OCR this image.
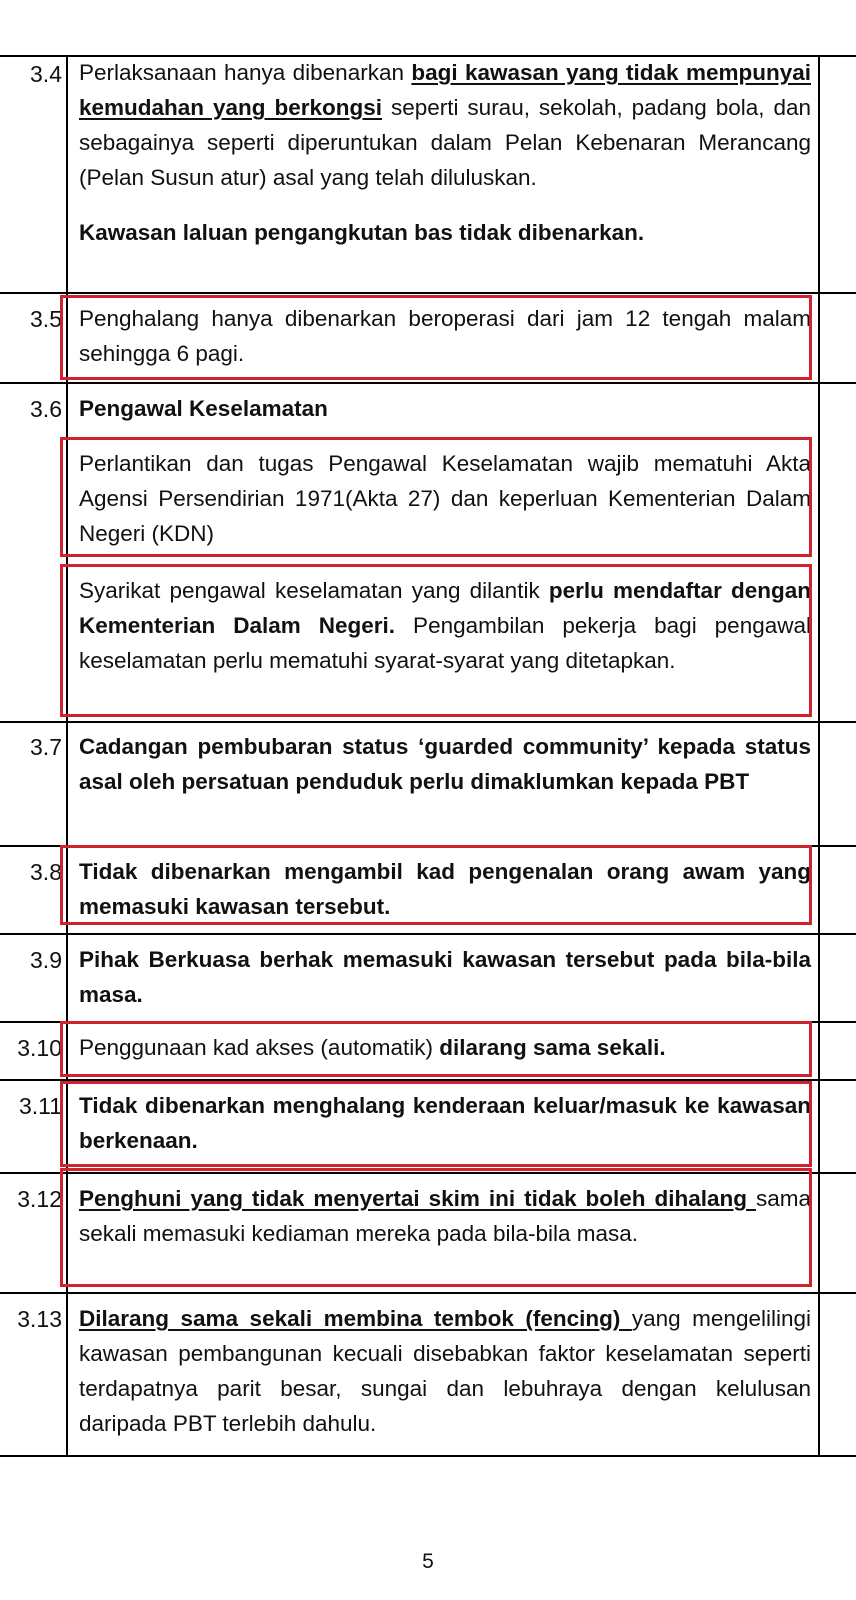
3.4 Perlaksanaan hanya dibenarkan bagi kawasan yang tidak mempunyai kemudahan yang berkongsi seperti surau, sekolah, padang bola, dan sebagainya seperti diperuntukan dalam Pelan Kebenaran Merancang (Pelan Susun atur) asal yang telah diluluskan.
Kawasan laluan pengangkutan bas tidak dibenarkan.
3.5 Penghalang hanya dibenarkan beroperasi dari jam 12 tengah malam sehingga 6 pagi.
3.6 Pengawal Keselamatan
Perlantikan dan tugas Pengawal Keselamatan wajib mematuhi Akta Agensi Persendirian 1971(Akta 27) dan keperluan Kementerian Dalam Negeri (KDN)
Syarikat pengawal keselamatan yang dilantik perlu mendaftar dengan Kementerian Dalam Negeri. Pengambilan pekerja bagi pengawal keselamatan perlu mematuhi syarat-syarat yang ditetapkan.
3.7 Cadangan pembubaran status ‘guarded community’ kepada status asal oleh persatuan penduduk perlu dimaklumkan kepada PBT
3.8 Tidak dibenarkan mengambil kad pengenalan orang awam yang memasuki kawasan tersebut.
3.9 Pihak Berkuasa berhak memasuki kawasan tersebut pada bila-bila masa.
3.10 Penggunaan kad akses (automatik) dilarang sama sekali.
3.11 Tidak dibenarkan menghalang kenderaan keluar/masuk ke kawasan berkenaan.
3.12 Penghuni yang tidak menyertai skim ini tidak boleh dihalang sama sekali memasuki kediaman mereka pada bila-bila masa.
3.13 Dilarang sama sekali membina tembok (fencing) yang mengelilingi kawasan pembangunan kecuali disebabkan faktor keselamatan seperti terdapatnya parit besar, sungai dan lebuhraya dengan kelulusan daripada PBT terlebih dahulu.
5
